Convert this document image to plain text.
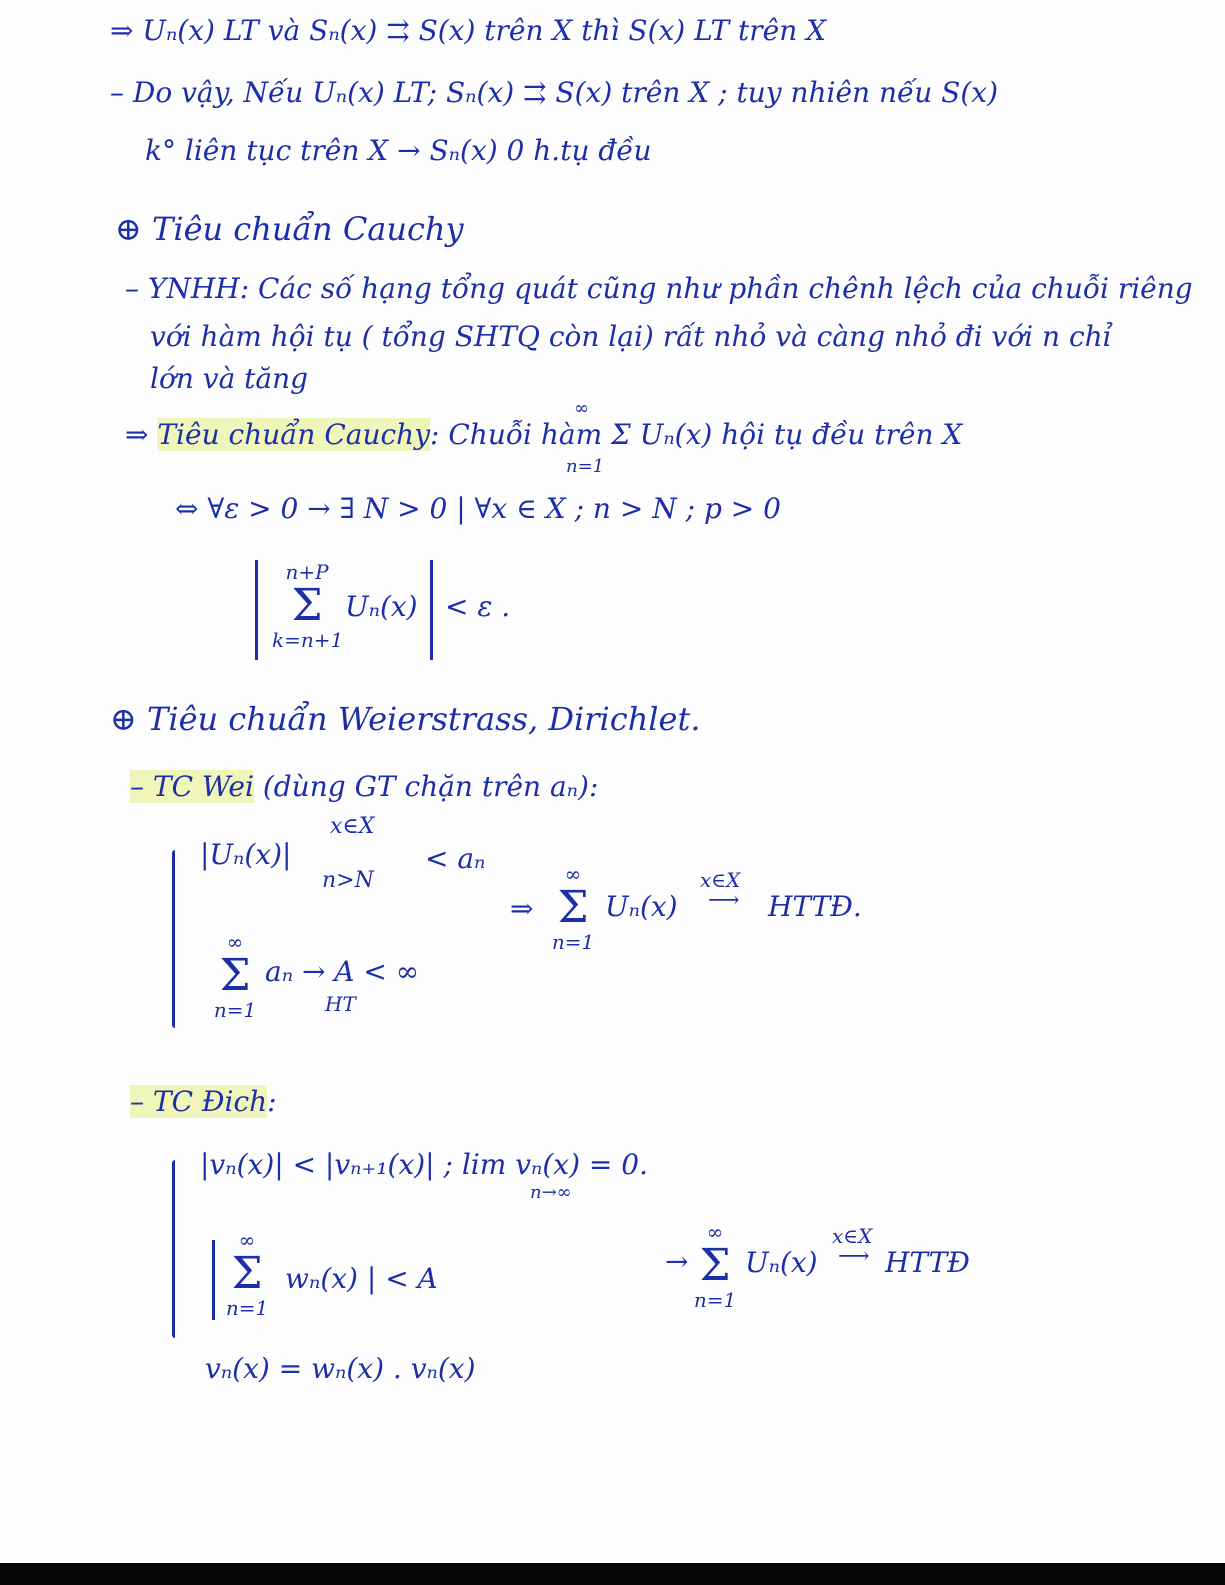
⇒ Uₙ(x) LT và Sₙ(x) ⇉ S(x) trên X thì S(x) LT trên X
– Do vậy, Nếu Uₙ(x) LT; Sₙ(x) ⇉ S(x) trên X ; tuy nhiên nếu S(x)
k° liên tục trên X → Sₙ(x) 0 h.tụ đều
⊕ Tiêu chuẩn Cauchy
– YNHH: Các số hạng tổng quát cũng như phần chênh lệch của chuỗi riêng
với hàm hội tụ ( tổng SHTQ còn lại) rất nhỏ và càng nhỏ đi với n chỉ
lớn và tăng
⇒ Tiêu chuẩn Cauchy: Chuỗi hàm Σ Uₙ(x) hội tụ đều trên X
∞
n=1
⇔ ∀ε > 0 → ∃ N > 0 | ∀x ∈ X ; n > N ; p > 0
n+P
Σ
k=n+1
Uₙ(x) < ε .
⊕ Tiêu chuẩn Weierstrass, Dirichlet.
– TC Wei (dùng GT chặn trên aₙ):
|Uₙ(x)|
x∈X
n>N
< aₙ
∞
Σ
n=1
aₙ → A < ∞
HT
⇒
∞
Σ
n=1
Uₙ(x)
x∈X
⟶ HTTĐ.
– TC Đich:
|vₙ(x)| < |vₙ₊₁(x)| ; lim vₙ(x) = 0.
n→∞
∞
Σ
n=1
wₙ(x) | < A
→
∞
Σ
n=1
Uₙ(x)
x∈X
⟶ HTTĐ
vₙ(x) = wₙ(x) . vₙ(x)
